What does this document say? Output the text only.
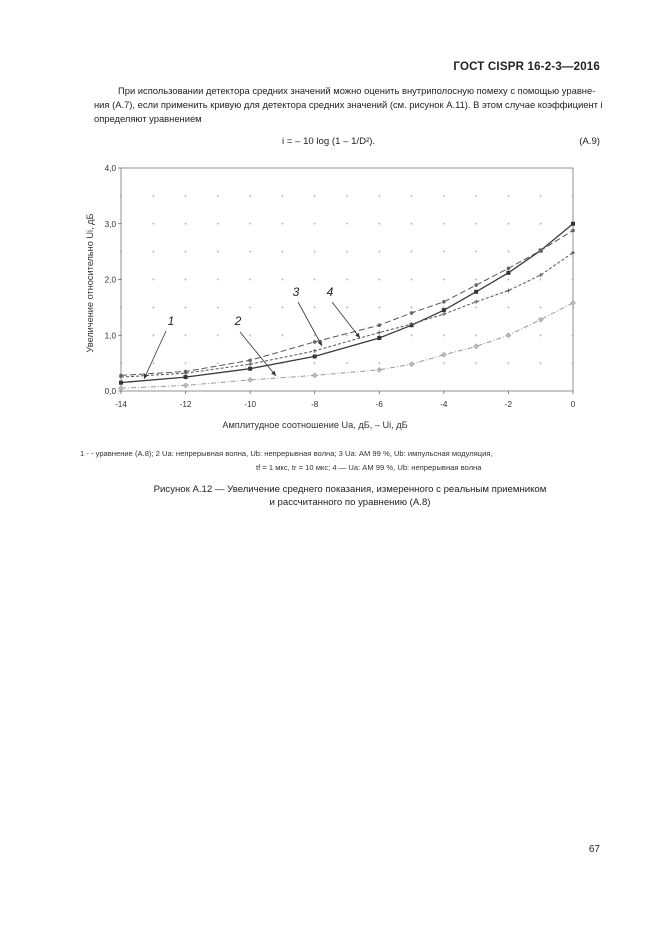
ГОСТ CISPR 16-2-3—2016
При использовании детектора средних значений можно оценить внутриполосную помеху с помощью уравне-
ния (А.7), если применить кривую для детектора средних значений (см. рисунок А.11). В этом случае коэффициент i
определяют уравнением
i = – 10 log (1 – 1/D²).	(А.9)
-14	-12	-10	-8	-6	-4	-2	0
0,0
1,0
2,0
3,0
4,0
1	2
3 4
Амплитудное соотношение Ua, дБ, – Ui, дБ
Увеличение относительно Ui, дБ
1 - - уравнение (А.8); 2 Ua: непрерывная волна, Ub: непрерывная волна; 3 Ua: АМ 99 %, Ub: импульсная модуляция,
tf = 1 мкс, tr = 10 мкс; 4 — Ua: АМ 99 %, Ub: непрерывная волна
Рисунок А.12 — Увеличение среднего показания, измеренного с реальным приемником
и рассчитанного по уравнению (А.8)
67
